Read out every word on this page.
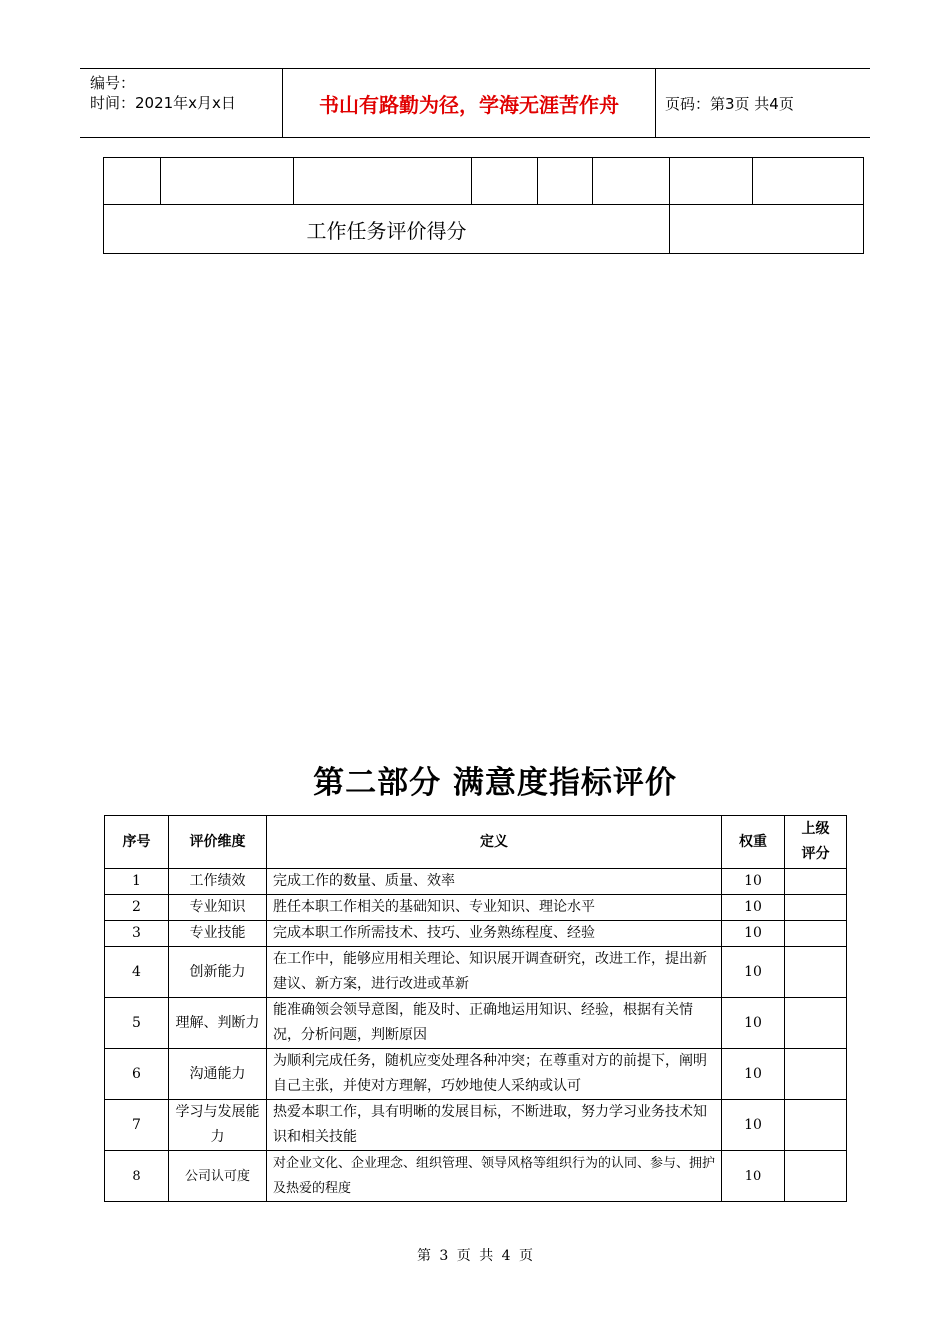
编号：
时间：2021年x月x日	书山有路勤为径，学海无涯苦作舟	页码：第3页 共4页

工作任务评价得分							
第二部分 满意度指标评价
序号	评价维度	定义	权重	上级
评分

1	工作绩效	完成工作的数量、质量、效率	10	
2	专业知识	胜任本职工作相关的基础知识、专业知识、理论水平	10	
3	专业技能	完成本职工作所需技术、技巧、业务熟练程度、经验	10	
4	创新能力	在工作中，能够应用相关理论、知识展开调查研究，改进工作，提出新建议、新方案，进行改进或革新	10	
5	理解、判断力	能准确领会领导意图，能及时、正确地运用知识、经验，根据有关情况，分析问题，判断原因	10	
6	沟通能力	为顺利完成任务，随机应变处理各种冲突；在尊重对方的前提下，阐明自己主张，并使对方理解，巧妙地使人采纳或认可	10	
7	学习与发展能力	热爱本职工作，具有明晰的发展目标，不断进取，努力学习业务技术知识和相关技能	10	
8	公司认可度	对企业文化、企业理念、组织管理、领导风格等组织行为的认同、参与、拥护及热爱的程度	10	
第 3 页 共 4 页
